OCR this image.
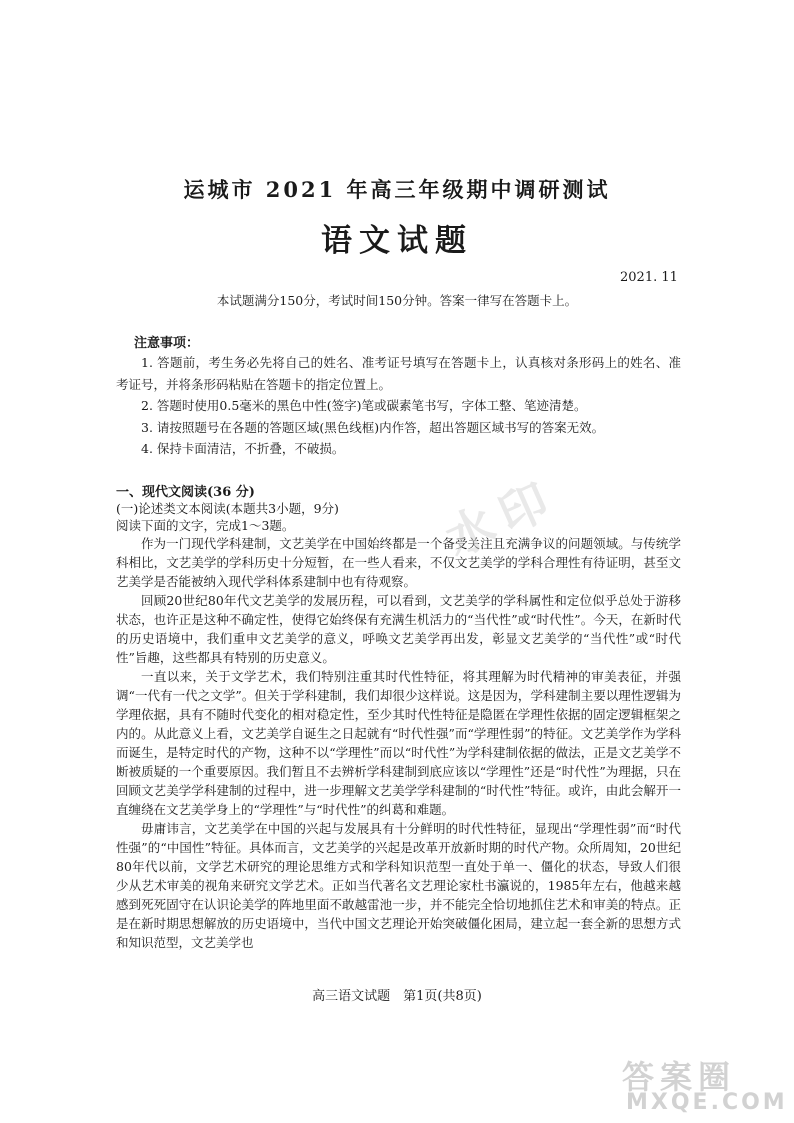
运城市 2021 年高三年级期中调研测试
语文试题
2021. 11
本试题满分150分，考试时间150分钟。答案一律写在答题卡上。
注意事项：

1. 答题前，考生务必先将自己的姓名、准考证号填写在答题卡上，认真核对条形码上的姓名、准考证号，并将条形码粘贴在答题卡的指定位置上。

2. 答题时使用0.5毫米的黑色中性(签字)笔或碳素笔书写，字体工整、笔迹清楚。

3. 请按照题号在各题的答题区域(黑色线框)内作答，超出答题区域书写的答案无效。

4. 保持卡面清洁，不折叠，不破损。

一、现代文阅读(36 分)
(一)论述类文本阅读(本题共3小题，9分)
阅读下面的文字，完成1～3题。

作为一门现代学科建制，文艺美学在中国始终都是一个备受关注且充满争议的问题领域。与传统学科相比，文艺美学的学科历史十分短暂，在一些人看来，不仅文艺美学的学科合理性有待证明，甚至文艺美学是否能被纳入现代学科体系建制中也有待观察。

回顾20世纪80年代文艺美学的发展历程，可以看到，文艺美学的学科属性和定位似乎总处于游移状态，也许正是这种不确定性，使得它始终保有充满生机活力的“当代性”或“时代性”。今天，在新时代的历史语境中，我们重申文艺美学的意义，呼唤文艺美学再出发，彰显文艺美学的“当代性”或“时代性”旨趣，这些都具有特别的历史意义。

一直以来，关于文学艺术，我们特别注重其时代性特征，将其理解为时代精神的审美表征，并强调“一代有一代之文学”。但关于学科建制，我们却很少这样说。这是因为，学科建制主要以理性逻辑为学理依据，具有不随时代变化的相对稳定性，至少其时代性特征是隐匿在学理性依据的固定逻辑框架之内的。从此意义上看，文艺美学自诞生之日起就有“时代性强”而“学理性弱”的特征。文艺美学作为学科而诞生，是特定时代的产物，这种不以“学理性”而以“时代性”为学科建制依据的做法，正是文艺美学不断被质疑的一个重要原因。我们暂且不去辨析学科建制到底应该以“学理性”还是“时代性”为理据，只在回顾文艺美学学科建制的过程中，进一步理解文艺美学学科建制的“时代性”特征。或许，由此会解开一直缠绕在文艺美学身上的“学理性”与“时代性”的纠葛和难题。

毋庸讳言，文艺美学在中国的兴起与发展具有十分鲜明的时代性特征，显现出“学理性弱”而“时代性强”的“中国性”特征。具体而言，文艺美学的兴起是改革开放新时期的时代产物。众所周知，20世纪80年代以前，文学艺术研究的理论思维方式和学科知识范型一直处于单一、僵化的状态，导致人们很少从艺术审美的视角来研究文学艺术。正如当代著名文艺理论家杜书瀛说的，1985年左右，他越来越感到死死固守在认识论美学的阵地里面不敢越雷池一步，并不能完全恰切地抓住艺术和审美的特点。正是在新时期思想解放的历史语境中，当代中国文艺理论开始突破僵化困局，建立起一套全新的思想方式和知识范型，文艺美学也

高三语文试题　第1页(共8页)
水印
答案圈
MXQE.COM
